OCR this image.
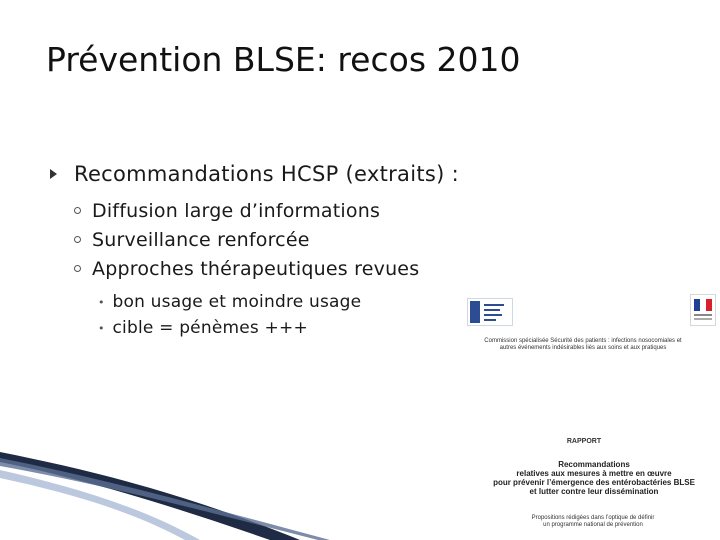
Prévention BLSE: recos 2010
Recommandations HCSP (extraits) :
Diffusion large d’informations
Surveillance renforcée
Approches thérapeutiques revues
• bon usage et moindre usage
• cible = pénèmes +++
Commission spécialisée Sécurité des patients : infections nosocomiales et autres événements indésirables liés aux soins et aux pratiques
RAPPORT
Recommandations
relatives aux mesures à mettre en œuvre
pour prévenir l’émergence des entérobactéries BLSE
et lutter contre leur dissémination
Propositions rédigées dans l’optique de définir
un programme national de prévention
